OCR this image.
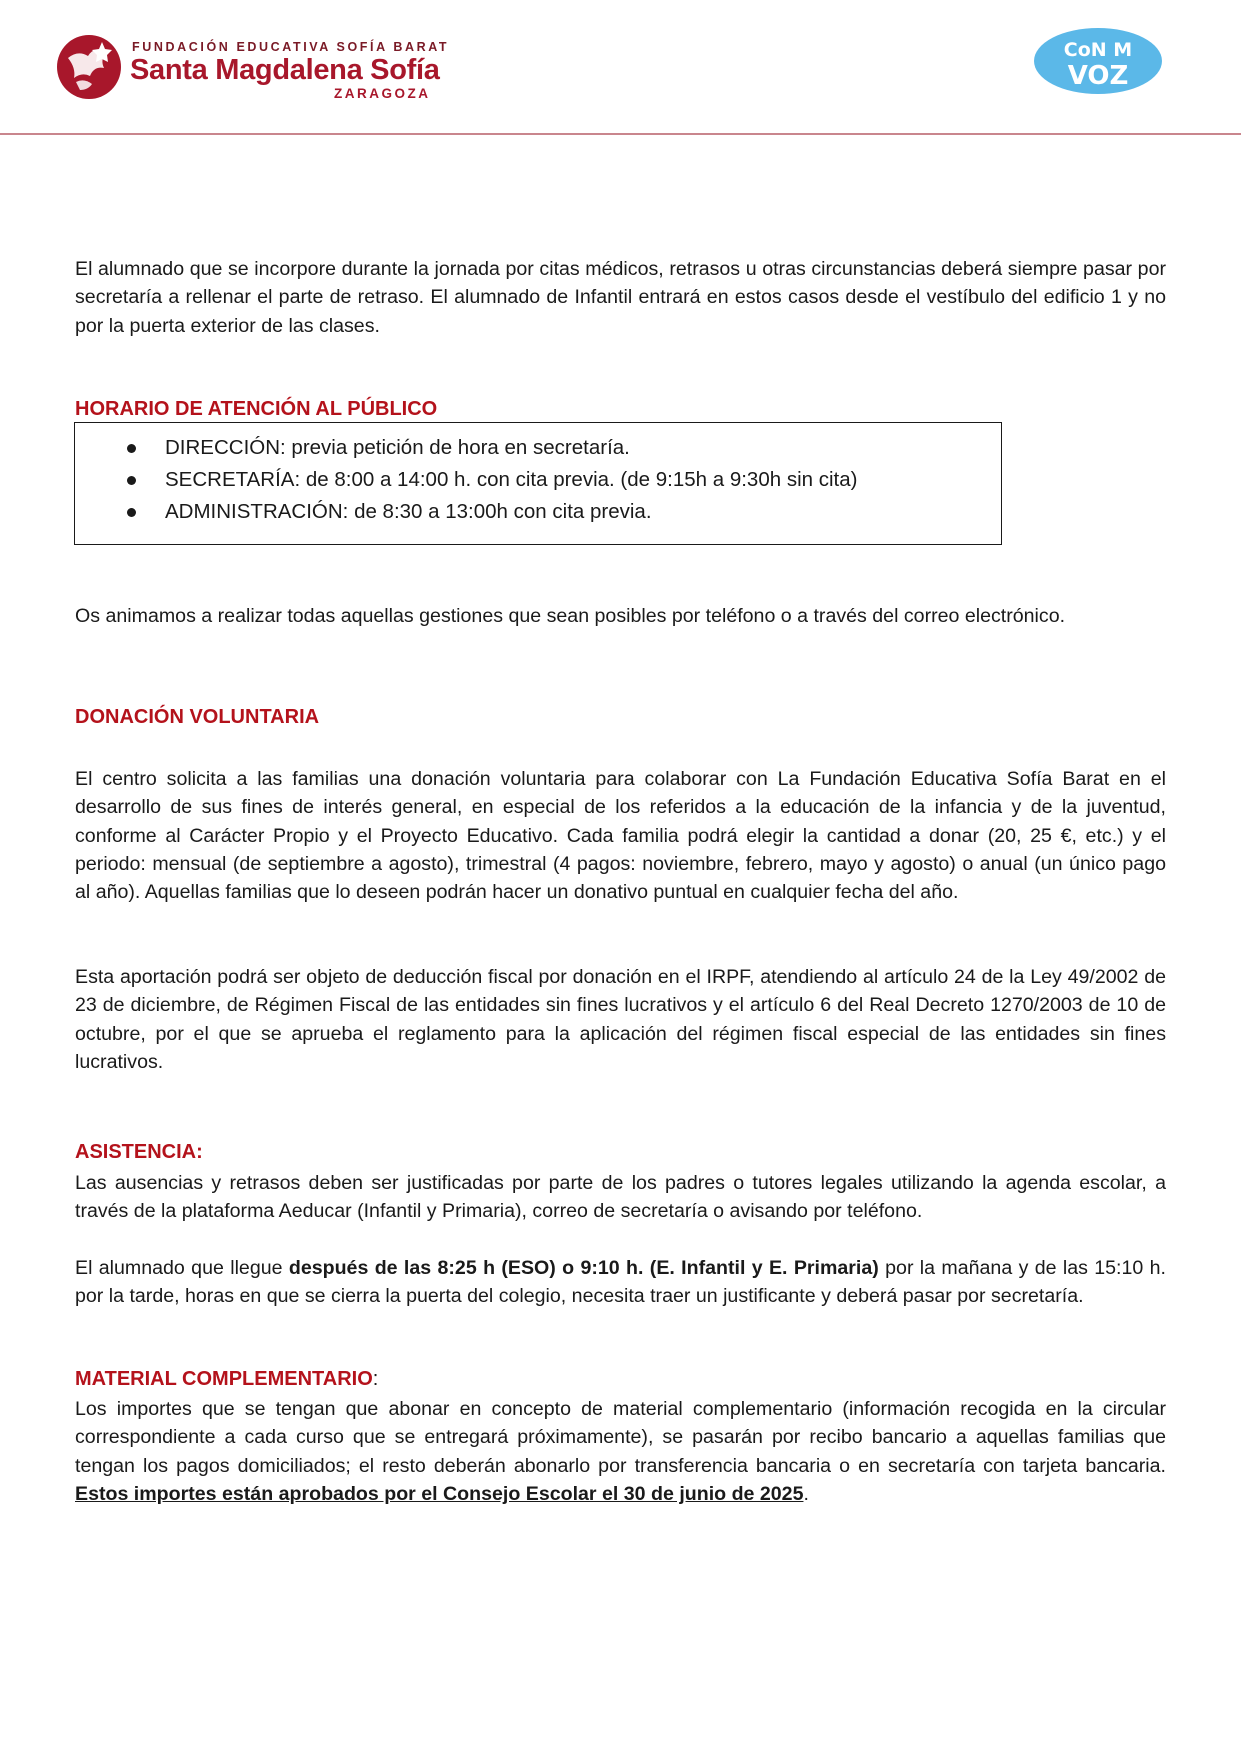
FUNDACIÓN EDUCATIVA SOFÍA BARAT
Santa Magdalena Sofía
ZARAGOZA
CoN M
VOZ

El alumnado que se incorpore durante la jornada por citas médicos, retrasos u otras circunstancias deberá siempre pasar por secretaría a rellenar el parte de retraso. El alumnado de Infantil entrará en estos casos desde el vestíbulo del edificio 1 y no por la puerta exterior de las clases.

HORARIO DE ATENCIÓN AL PÚBLICO
DIRECCIÓN: previa petición de hora en secretaría.
SECRETARÍA: de 8:00 a 14:00 h. con cita previa. (de 9:15h a 9:30h sin cita)
ADMINISTRACIÓN: de 8:30 a 13:00h con cita previa.

Os animamos a realizar todas aquellas gestiones que sean posibles por teléfono o a través del correo electrónico.

DONACIÓN VOLUNTARIA

El centro solicita a las familias una donación voluntaria para colaborar con La Fundación Educativa Sofía Barat en el desarrollo de sus fines de interés general, en especial de los referidos a la educación de la infancia y de la juventud, conforme al Carácter Propio y el Proyecto Educativo. Cada familia podrá elegir la cantidad a donar (20, 25 €, etc.) y el periodo: mensual (de septiembre a agosto), trimestral (4 pagos: noviembre, febrero, mayo y agosto) o anual (un único pago al año). Aquellas familias que lo deseen podrán hacer un donativo puntual en cualquier fecha del año.

Esta aportación podrá ser objeto de deducción fiscal por donación en el IRPF, atendiendo al artículo 24 de la Ley 49/2002 de 23 de diciembre, de Régimen Fiscal de las entidades sin fines lucrativos y el artículo 6 del Real Decreto 1270/2003 de 10 de octubre, por el que se aprueba el reglamento para la aplicación del régimen fiscal especial de las entidades sin fines lucrativos.

ASISTENCIA:

Las ausencias y retrasos deben ser justificadas por parte de los padres o tutores legales utilizando la agenda escolar, a través de la plataforma Aeducar (Infantil y Primaria), correo de secretaría o avisando por teléfono.

El alumnado que llegue después de las 8:25 h (ESO) o 9:10 h. (E. Infantil y E. Primaria) por la mañana y de las 15:10 h. por la tarde, horas en que se cierra la puerta del colegio, necesita traer un justificante y deberá pasar por secretaría.

MATERIAL COMPLEMENTARIO:

Los importes que se tengan que abonar en concepto de material complementario (información recogida en la circular correspondiente a cada curso que se entregará próximamente), se pasarán por recibo bancario a aquellas familias que tengan los pagos domiciliados; el resto deberán abonarlo por transferencia bancaria o en secretaría con tarjeta bancaria. Estos importes están aprobados por el Consejo Escolar el 30 de junio de 2025.
